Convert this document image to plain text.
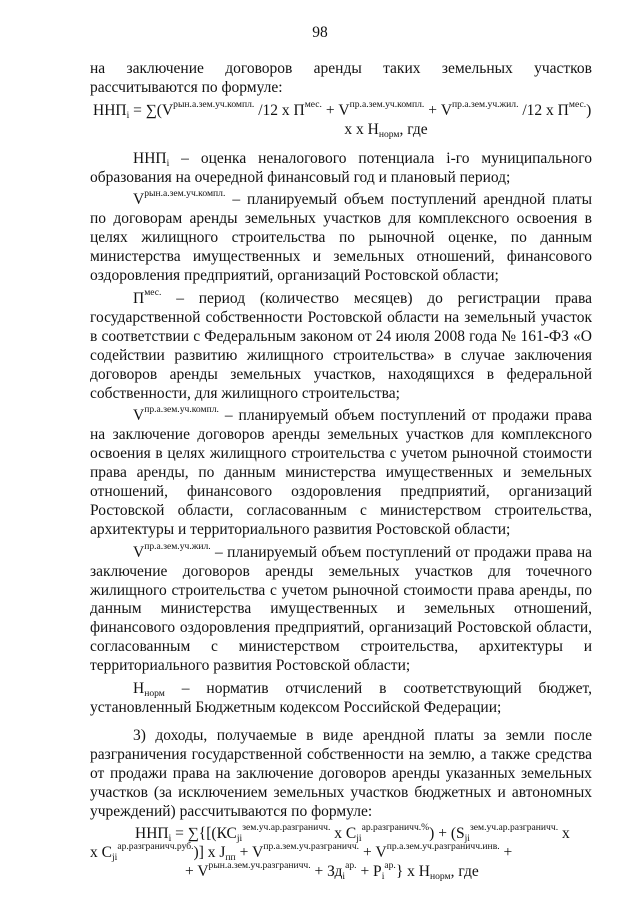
98

на заключение договоров аренды таких земельных участков рассчитываются по формуле:

$ННП_i = \sum(V^{рын.а.зем.уч.компл.}$ /12 х $П^{мес.} + V^{пр.а.зем.уч.компл.} + V^{пр.а.зем.уч.жил.}$ /12 х $П^{мес.}$)
х х $Н_{норм}$, где

$ННП_i$ – оценка неналогового потенциала i-го муниципального образования на очередной финансовый год и плановый период;

$V^{рын.а.зем.уч.компл.}$ – планируемый объем поступлений арендной платы по договорам аренды земельных участков для комплексного освоения в целях жилищного строительства по рыночной оценке, по данным министерства имущественных и земельных отношений, финансового оздоровления предприятий, организаций Ростовской области;

$П^{мес.}$ – период (количество месяцев) до регистрации права государственной собственности Ростовской области на земельный участок в соответствии с Федеральным законом от 24 июля 2008 года № 161-ФЗ «О содействии развитию жилищного строительства» в случае заключения договоров аренды земельных участков, находящихся в федеральной собственности, для жилищного строительства;

$V^{пр.а.зем.уч.компл.}$ – планируемый объем поступлений от продажи права на заключение договоров аренды земельных участков для комплексного освоения в целях жилищного строительства с учетом рыночной стоимости права аренды, по данным министерства имущественных и земельных отношений, финансового оздоровления предприятий, организаций Ростовской области, согласованным с министерством строительства, архитектуры и территориального развития Ростовской области;

$V^{пр.а.зем.уч.жил.}$ – планируемый объем поступлений от продажи права на заключение договоров аренды земельных участков для точечного жилищного строительства с учетом рыночной стоимости права аренды, по данным министерства имущественных и земельных отношений, финансового оздоровления предприятий, организаций Ростовской области, согласованным с министерством строительства, архитектуры и территориального развития Ростовской области;

$Н_{норм}$ – норматив отчислений в соответствующий бюджет, установленный Бюджетным кодексом Российской Федерации;

3) доходы, получаемые в виде арендной платы за земли после разграничения государственной собственности на землю, а также средства от продажи права на заключение договоров аренды указанных земельных участков (за исключением земельных участков бюджетных и автономных учреждений) рассчитываются по формуле:

$ННП_i = \sum\{[(КС_{ji}^{зем.уч.ар.разграничч.}$ х $С_{ji}^{ар.разграничч.\%}) + (S_{ji}^{зем.уч.ар.разграничч.}$ х
х $С_{ji}^{ар.разграничч.руб.}$)] х $J_{пп} + V^{пр.а.зем.уч.разграничч.} + V^{пр.а.зем.уч.разграничч.инв.}$ +
+ $V^{рын.а.зем.уч.разграничч.} + Зд_i^{ар.} + Р_i^{ар.}$} х $Н_{норм}$, где
